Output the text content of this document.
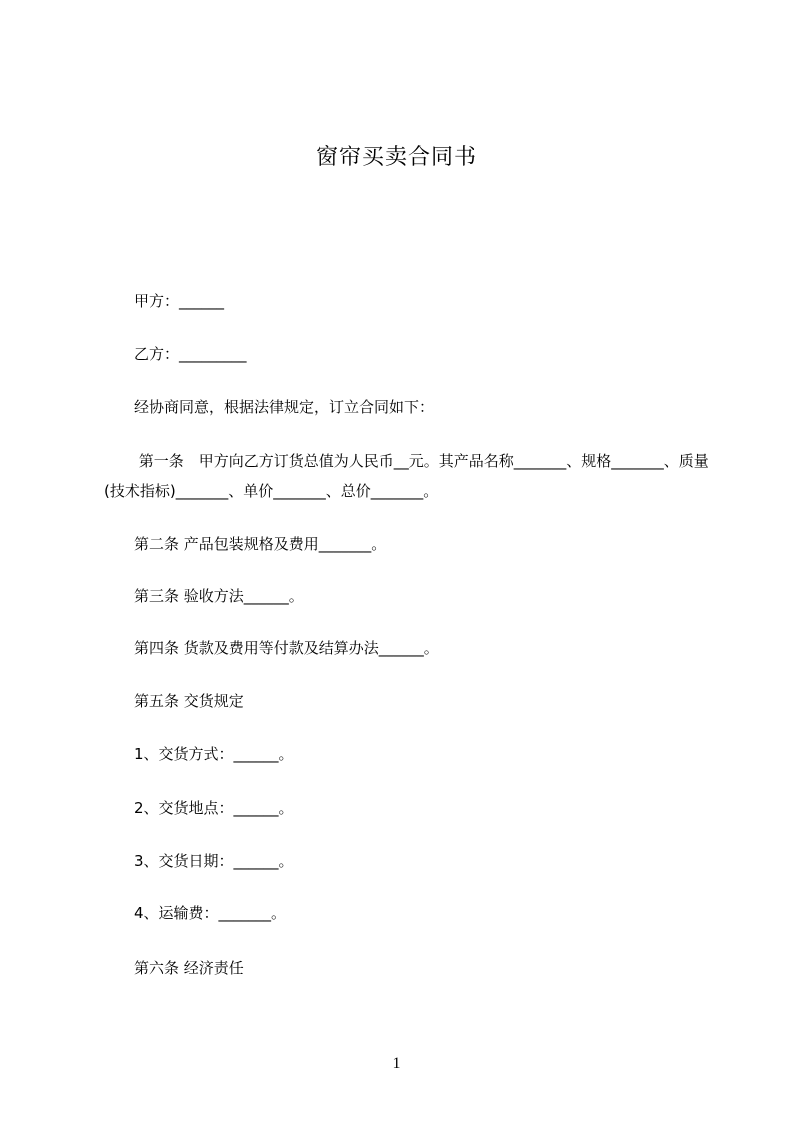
窗帘买卖合同书
　　甲方：______
　　乙方：_________
　　经协商同意，根据法律规定，订立合同如下：
　　 第一条　甲方向乙方订货总值为人民币__元。其产品名称_______、规格_______、质量(技术指标)_______、单价_______、总价_______。
　　第二条 产品包装规格及费用_______。
　　第三条 验收方法______。
　　第四条 货款及费用等付款及结算办法______。
　　第五条 交货规定
　　1、交货方式：______。
　　2、交货地点：______。
　　3、交货日期：______。
　　4、运输费：_______。
　　第六条 经济责任
1
